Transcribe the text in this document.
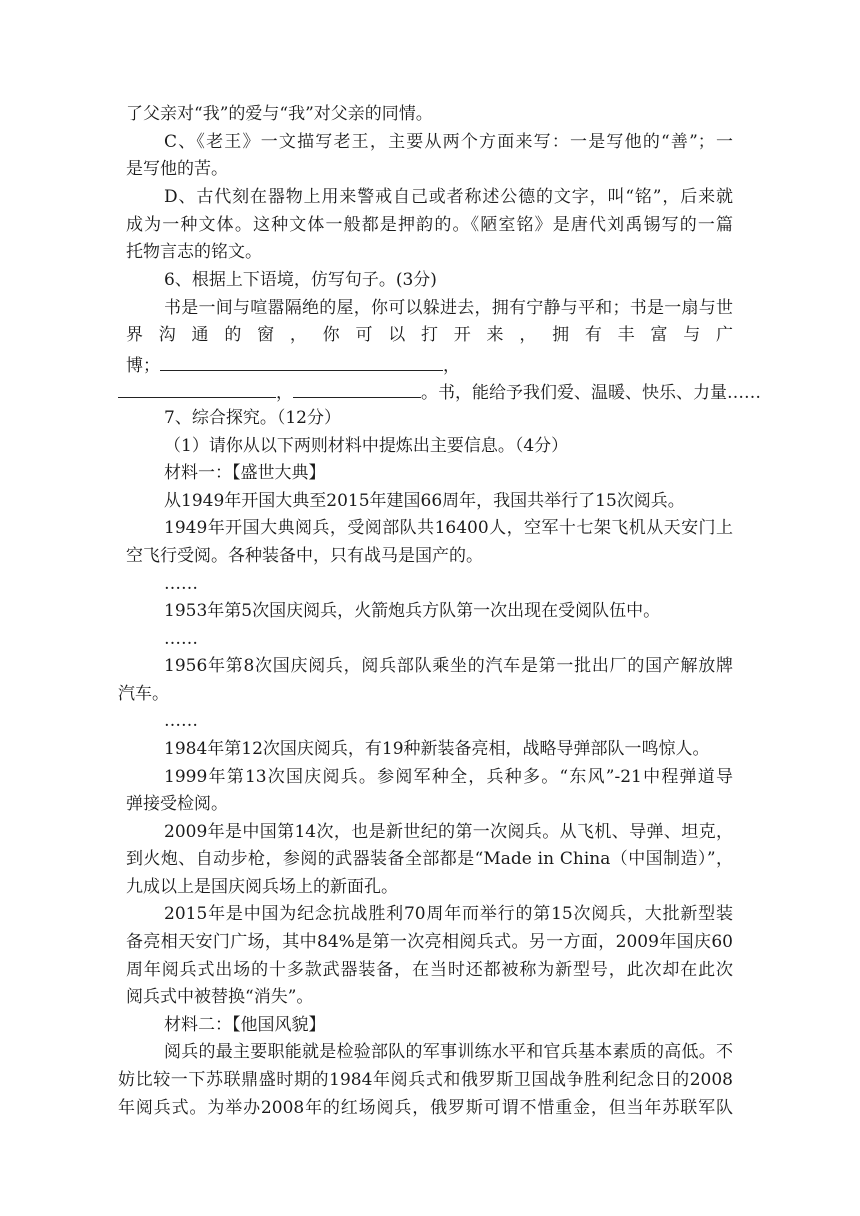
了父亲对“我”的爱与“我”对父亲的同情。
C、《老王》一文描写老王，主要从两个方面来写：一是写他的“善”；一
是写他的苦。
D、古代刻在器物上用来警戒自己或者称述公德的文字，叫“铭”，后来就
成为一种文体。这种文体一般都是押韵的。《陋室铭》是唐代刘禹锡写的一篇
托物言志的铭文。
6、根据上下语境，仿写句子。(3分)
书是一间与喧嚣隔绝的屋，你可以躲进去，拥有宁静与平和；书是一扇与世
界沟通的窗，你可以打开来，拥有丰富与广
博；	，
，	。书，能给予我们爱、温暖、快乐、力量……
7、综合探究。（12分）
（1）请你从以下两则材料中提炼出主要信息。（4分）
材料一：【盛世大典】
从1949年开国大典至2015年建国66周年，我国共举行了15次阅兵。
1949年开国大典阅兵，受阅部队共16400人，空军十七架飞机从天安门上
空飞行受阅。各种装备中，只有战马是国产的。
……
1953年第5次国庆阅兵，火箭炮兵方队第一次出现在受阅队伍中。
……
1956年第8次国庆阅兵，阅兵部队乘坐的汽车是第一批出厂的国产解放牌
汽车。
……
1984年第12次国庆阅兵，有19种新装备亮相，战略导弹部队一鸣惊人。
1999年第13次国庆阅兵。参阅军种全，兵种多。“东风”-21中程弹道导
弹接受检阅。
2009年是中国第14次，也是新世纪的第一次阅兵。从飞机、导弹、坦克，
到火炮、自动步枪，参阅的武器装备全部都是“Made in China（中国制造）”，
九成以上是国庆阅兵场上的新面孔。
2015年是中国为纪念抗战胜利70周年而举行的第15次阅兵，大批新型装
备亮相天安门广场，其中84%是第一次亮相阅兵式。另一方面，2009年国庆60
周年阅兵式出场的十多款武器装备，在当时还都被称为新型号，此次却在此次
阅兵式中被替换“消失”。
材料二：【他国风貌】
阅兵的最主要职能就是检验部队的军事训练水平和官兵基本素质的高低。不
妨比较一下苏联鼎盛时期的1984年阅兵式和俄罗斯卫国战争胜利纪念日的2008
年阅兵式。为举办2008年的红场阅兵，俄罗斯可谓不惜重金，但当年苏联军队
